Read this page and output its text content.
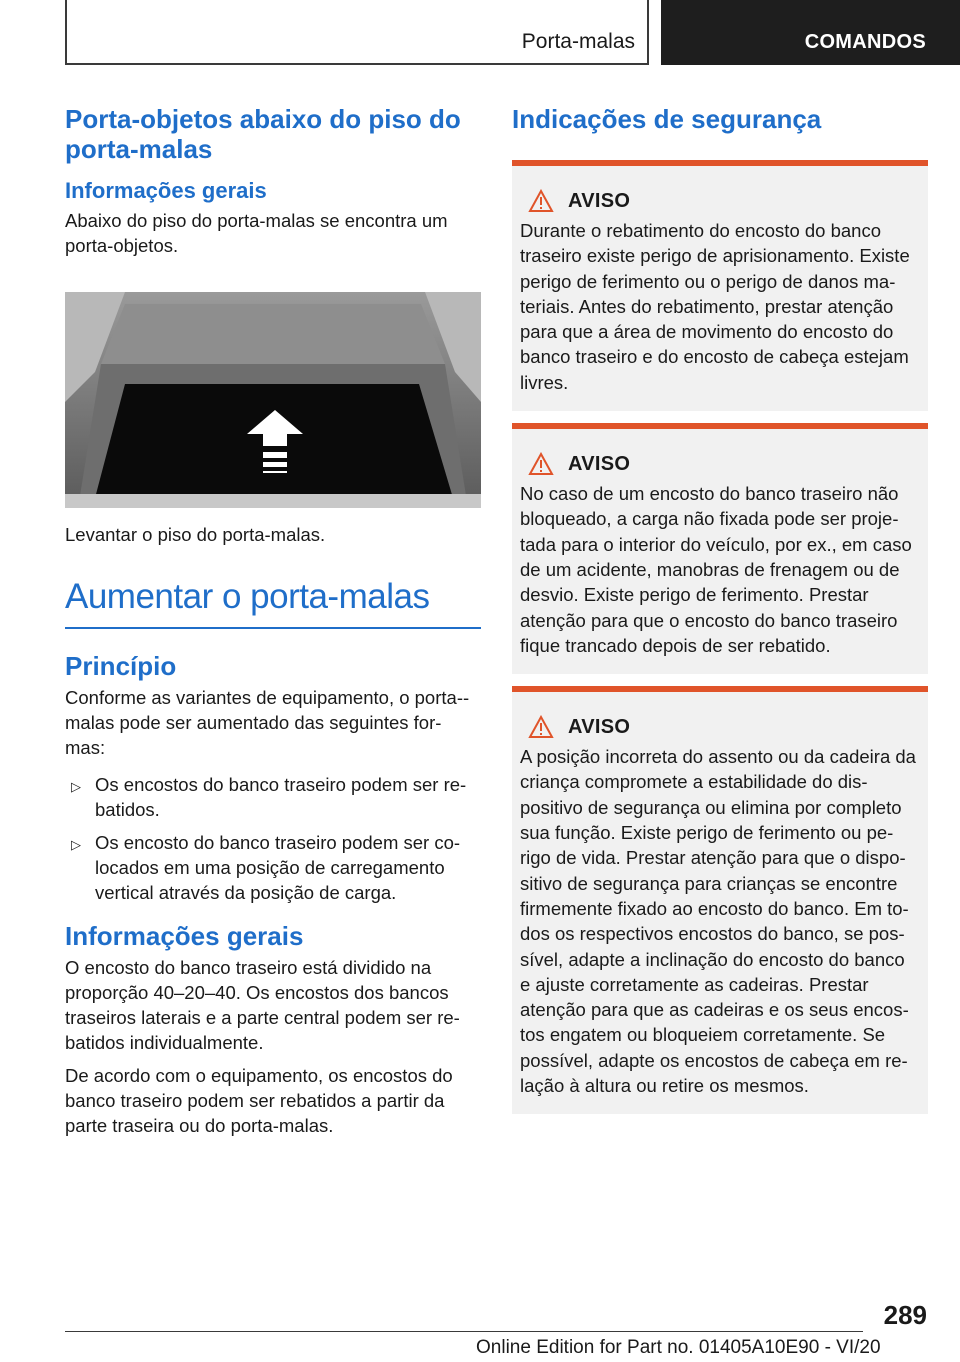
Porta-malas	COMANDOS
Porta-objetos abaixo do piso do porta-malas
Informações gerais
Abaixo do piso do porta-malas se encontra um porta-objetos.
Levantar o piso do porta-malas.
Aumentar o porta-malas
Princípio
Conforme as variantes de equipamento, o porta--malas pode ser aumentado das seguintes for-mas:
▷ Os encostos do banco traseiro podem ser re-batidos.
▷ Os encosto do banco traseiro podem ser co-locados em uma posição de carregamento vertical através da posição de carga.
Informações gerais
O encosto do banco traseiro está dividido na proporção 40–20–40. Os encostos dos bancos traseiros laterais e a parte central podem ser re-batidos individualmente.
De acordo com o equipamento, os encostos do banco traseiro podem ser rebatidos a partir da parte traseira ou do porta-malas.
Indicações de segurança
AVISO
Durante o rebatimento do encosto do banco traseiro existe perigo de aprisionamento. Existe perigo de ferimento ou o perigo de danos ma-teriais. Antes do rebatimento, prestar atenção para que a área de movimento do encosto do banco traseiro e do encosto de cabeça estejam livres.
AVISO
No caso de um encosto do banco traseiro não bloqueado, a carga não fixada pode ser proje-tada para o interior do veículo, por ex., em caso de um acidente, manobras de frenagem ou de desvio. Existe perigo de ferimento. Prestar atenção para que o encosto do banco traseiro fique trancado depois de ser rebatido.
AVISO
A posição incorreta do assento ou da cadeira da criança compromete a estabilidade do dis-positivo de segurança ou elimina por completo sua função. Existe perigo de ferimento ou pe-rigo de vida. Prestar atenção para que o dispo-sitivo de segurança para crianças se encontre firmemente fixado ao encosto do banco. Em to-dos os respectivos encostos do banco, se pos-sível, adapte a inclinação do encosto do banco e ajuste corretamente as cadeiras. Prestar atenção para que as cadeiras e os seus encos-tos engatem ou bloqueiem corretamente. Se possível, adapte os encostos de cabeça em re-lação à altura ou retire os mesmos.
289
Online Edition for Part no. 01405A10E90 - VI/20
